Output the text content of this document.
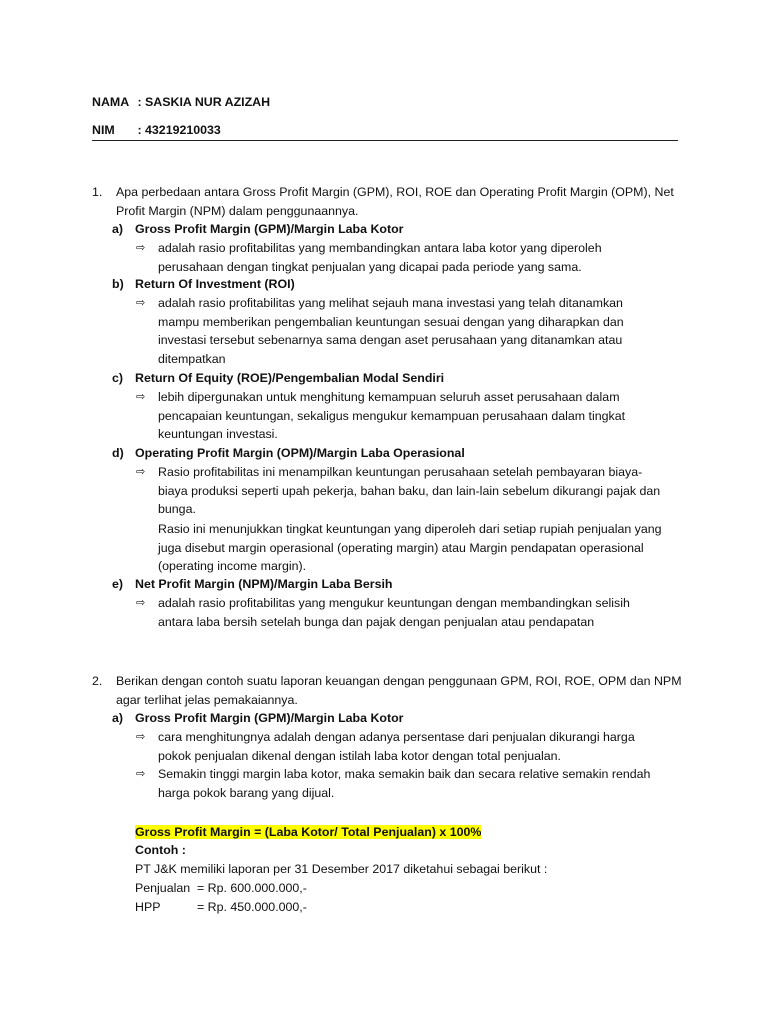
NAMA : SASKIA NUR AZIZAH
NIM : 43219210033
1. Apa perbedaan antara Gross Profit Margin (GPM), ROI, ROE dan Operating Profit Margin (OPM), Net
Profit Margin (NPM) dalam penggunaannya.
a) Gross Profit Margin (GPM)/Margin Laba Kotor
⇨ adalah rasio profitabilitas yang membandingkan antara laba kotor yang diperoleh
perusahaan dengan tingkat penjualan yang dicapai pada periode yang sama.
b) Return Of Investment (ROI)
⇨ adalah rasio profitabilitas yang melihat sejauh mana investasi yang telah ditanamkan
mampu memberikan pengembalian keuntungan sesuai dengan yang diharapkan dan
investasi tersebut sebenarnya sama dengan aset perusahaan yang ditanamkan atau
ditempatkan
c) Return Of Equity (ROE)/Pengembalian Modal Sendiri
⇨ lebih dipergunakan untuk menghitung kemampuan seluruh asset perusahaan dalam
pencapaian keuntungan, sekaligus mengukur kemampuan perusahaan dalam tingkat
keuntungan investasi.
d) Operating Profit Margin (OPM)/Margin Laba Operasional
⇨ Rasio profitabilitas ini menampilkan keuntungan perusahaan setelah pembayaran biaya-
biaya produksi seperti upah pekerja, bahan baku, dan lain-lain sebelum dikurangi pajak dan
bunga.
Rasio ini menunjukkan tingkat keuntungan yang diperoleh dari setiap rupiah penjualan yang
juga disebut margin operasional (operating margin) atau Margin pendapatan operasional
(operating income margin).
e) Net Profit Margin (NPM)/Margin Laba Bersih
⇨ adalah rasio profitabilitas yang mengukur keuntungan dengan membandingkan selisih
antara laba bersih setelah bunga dan pajak dengan penjualan atau pendapatan
2. Berikan dengan contoh suatu laporan keuangan dengan penggunaan GPM, ROI, ROE, OPM dan NPM
agar terlihat jelas pemakaiannya.
a) Gross Profit Margin (GPM)/Margin Laba Kotor
⇨ cara menghitungnya adalah dengan adanya persentase dari penjualan dikurangi harga
pokok penjualan dikenal dengan istilah laba kotor dengan total penjualan.
⇨ Semakin tinggi margin laba kotor, maka semakin baik dan secara relative semakin rendah
harga pokok barang yang dijual.
Gross Profit Margin = (Laba Kotor/ Total Penjualan) x 100%
Contoh :
PT J&K memiliki laporan per 31 Desember 2017 diketahui sebagai berikut :
Penjualan = Rp. 600.000.000,-
HPP	= Rp. 450.000.000,-
